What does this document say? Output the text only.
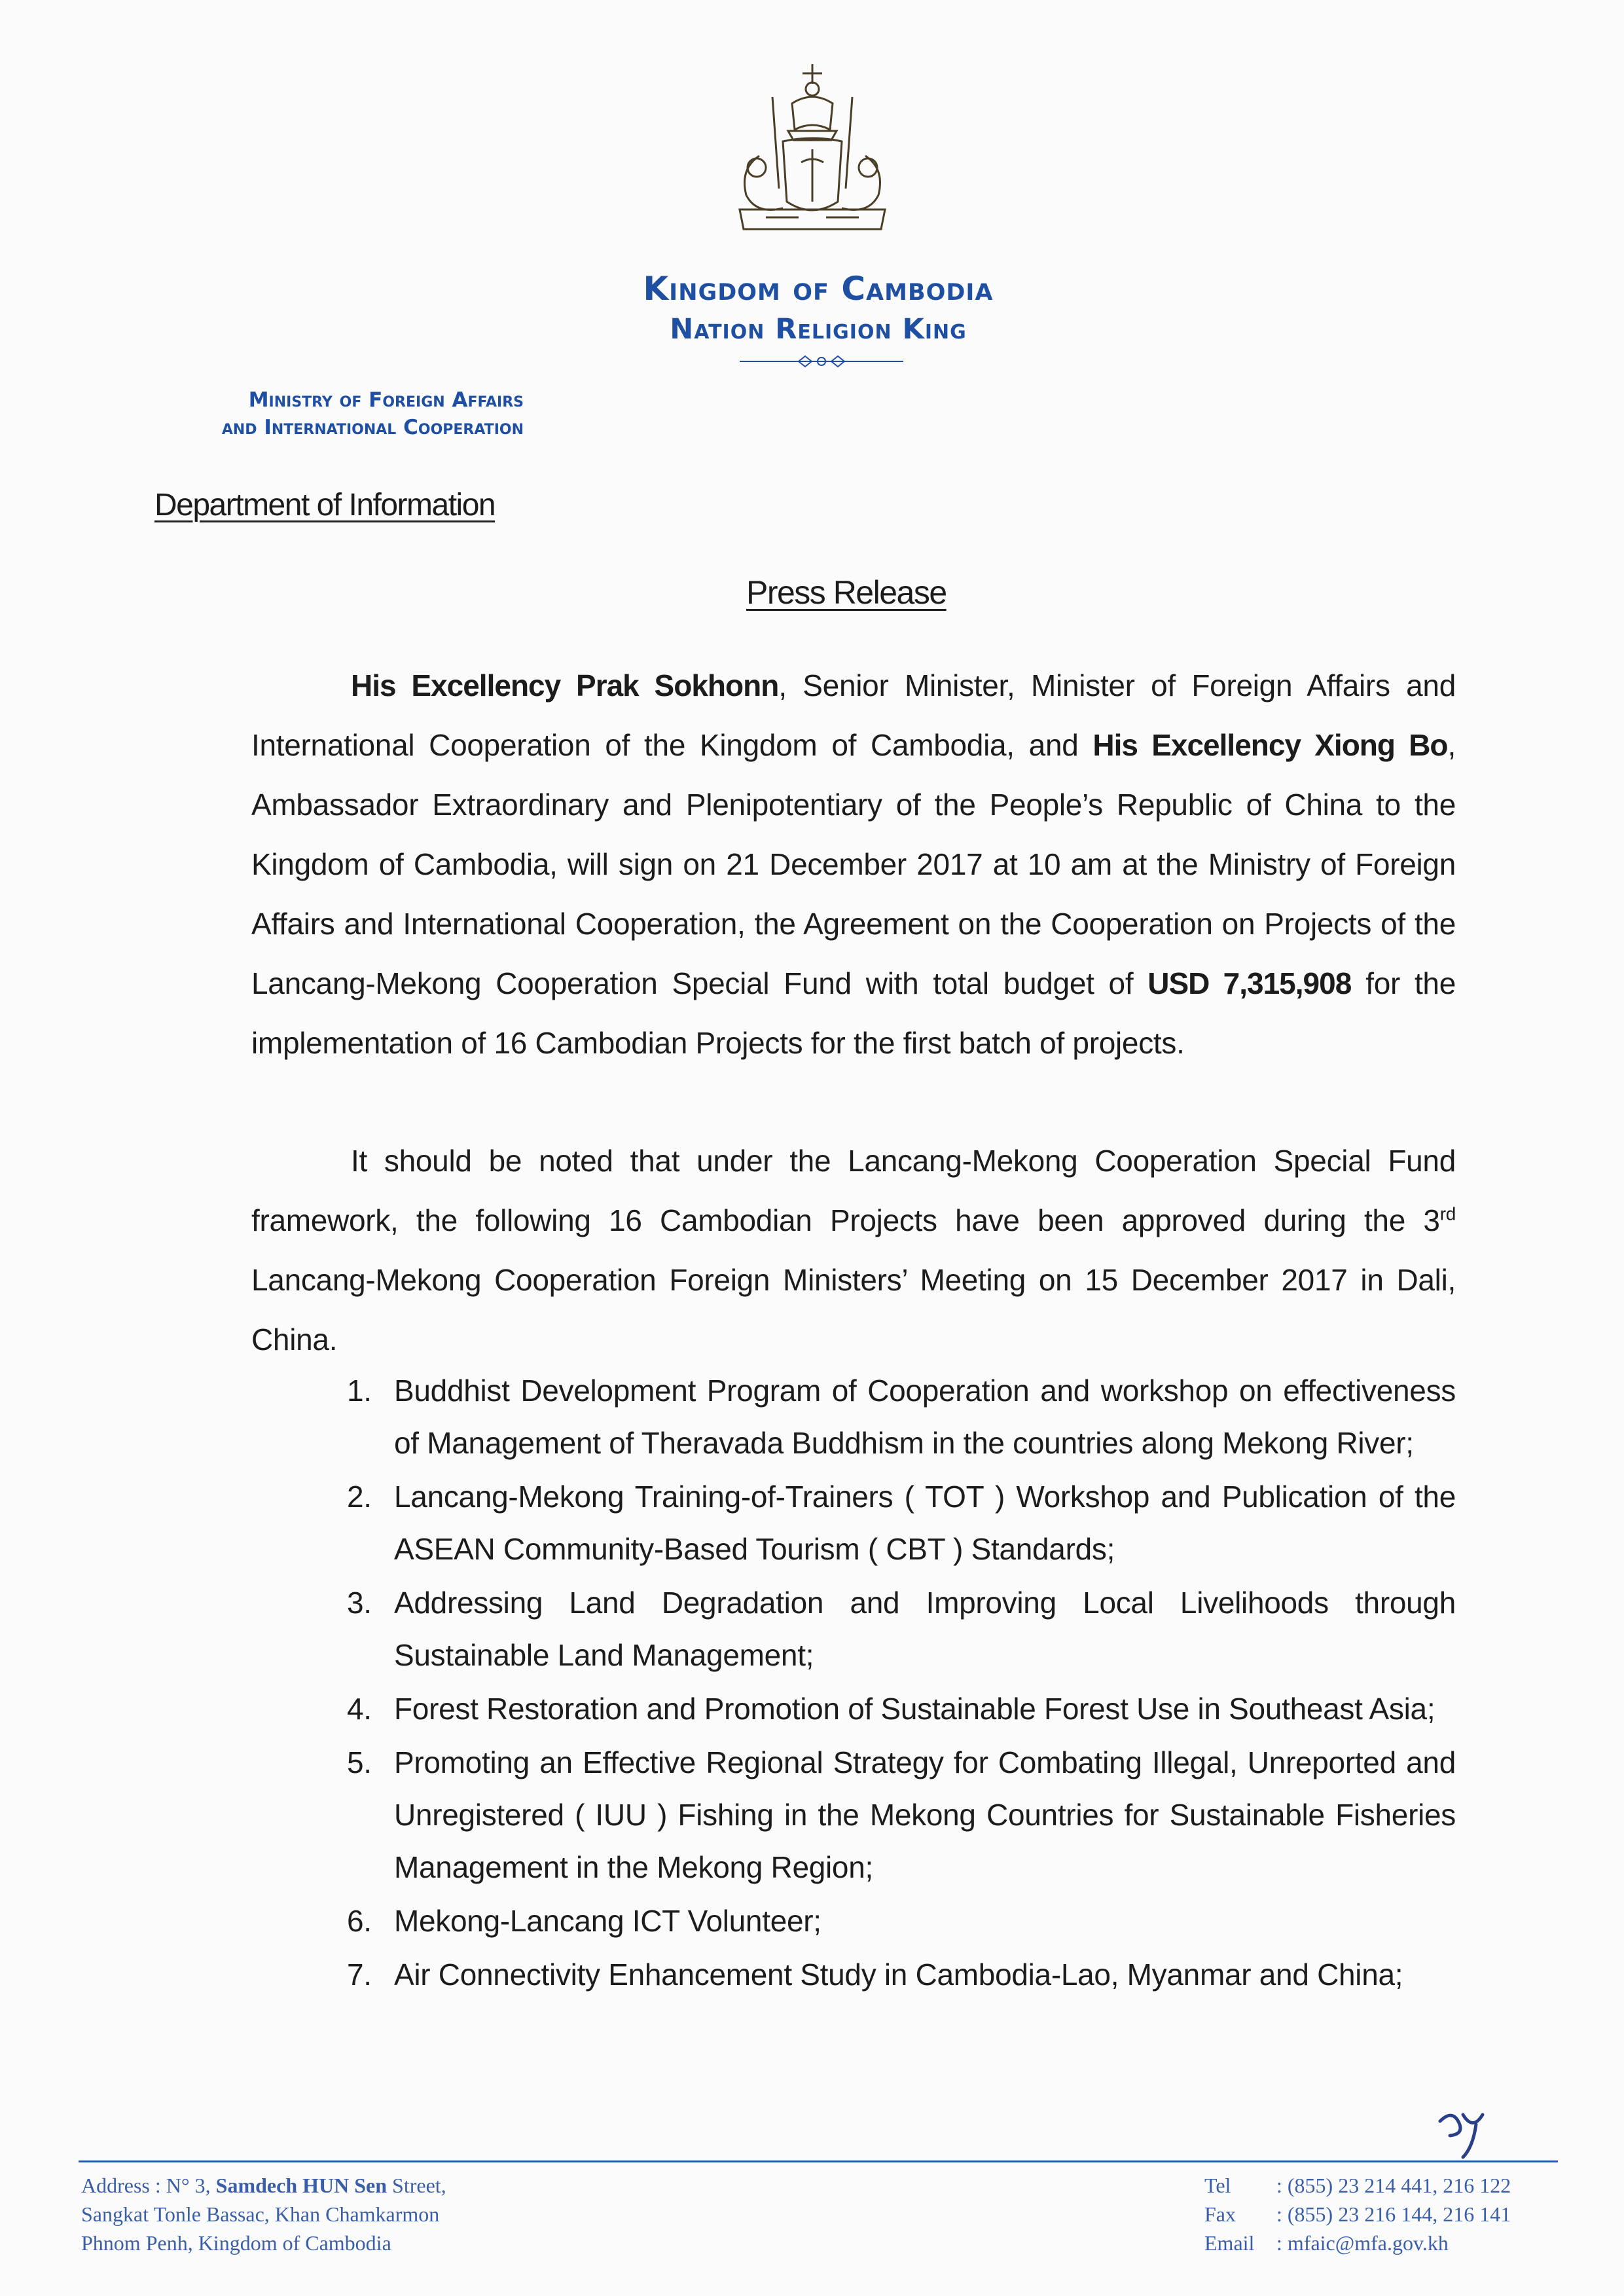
Kingdom of Cambodia
Nation Religion King
Ministry of Foreign Affairs
and International Cooperation
Department of Information
Press Release
His Excellency Prak Sokhonn, Senior Minister, Minister of Foreign Affairs and International Cooperation of the Kingdom of Cambodia, and His Excellency Xiong Bo, Ambassador Extraordinary and Plenipotentiary of the People’s Republic of China to the Kingdom of Cambodia, will sign on 21 December 2017 at 10 am at the Ministry of Foreign Affairs and International Cooperation, the Agreement on the Cooperation on Projects of the Lancang-Mekong Cooperation Special Fund with total budget of USD 7,315,908 for the implementation of 16 Cambodian Projects for the first batch of projects.
It should be noted that under the Lancang-Mekong Cooperation Special Fund framework, the following 16 Cambodian Projects have been approved during the 3rd Lancang-Mekong Cooperation Foreign Ministers’ Meeting on 15 December 2017 in Dali, China.
1. Buddhist Development Program of Cooperation and workshop on effectiveness of Management of Theravada Buddhism in the countries along Mekong River;
2. Lancang-Mekong Training-of-Trainers ( TOT ) Workshop and Publication of the ASEAN Community-Based Tourism ( CBT ) Standards;
3. Addressing Land Degradation and Improving Local Livelihoods through Sustainable Land Management;
4. Forest Restoration and Promotion of Sustainable Forest Use in Southeast Asia;
5. Promoting an Effective Regional Strategy for Combating Illegal, Unreported and Unregistered ( IUU ) Fishing in the Mekong Countries for Sustainable Fisheries Management in the Mekong Region;
6. Mekong-Lancang ICT Volunteer;
7. Air Connectivity Enhancement Study in Cambodia-Lao, Myanmar and China;
Address : N° 3, Samdech HUN Sen Street,
Sangkat Tonle Bassac, Khan Chamkarmon
Phnom Penh, Kingdom of Cambodia
Tel : (855) 23 214 441, 216 122
Fax : (855) 23 216 144, 216 141
Email : mfaic@mfa.gov.kh
